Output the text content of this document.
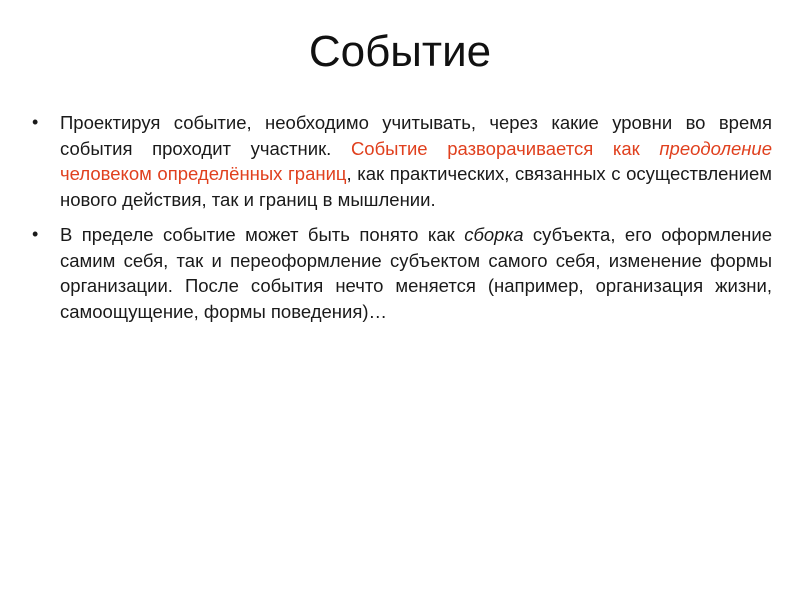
Событие
• Проектируя событие, необходимо учитывать, через какие уровни во время события проходит участник. Событие разворачивается как преодоление человеком определённых границ, как практических, связанных с осуществлением нового действия, так и границ в мышлении.
• В пределе событие может быть понято как сборка субъекта, его оформление самим себя, так и переоформление субъектом самого себя, изменение формы организации. После события нечто меняется (например, организация жизни, самоощущение, формы поведения)…
